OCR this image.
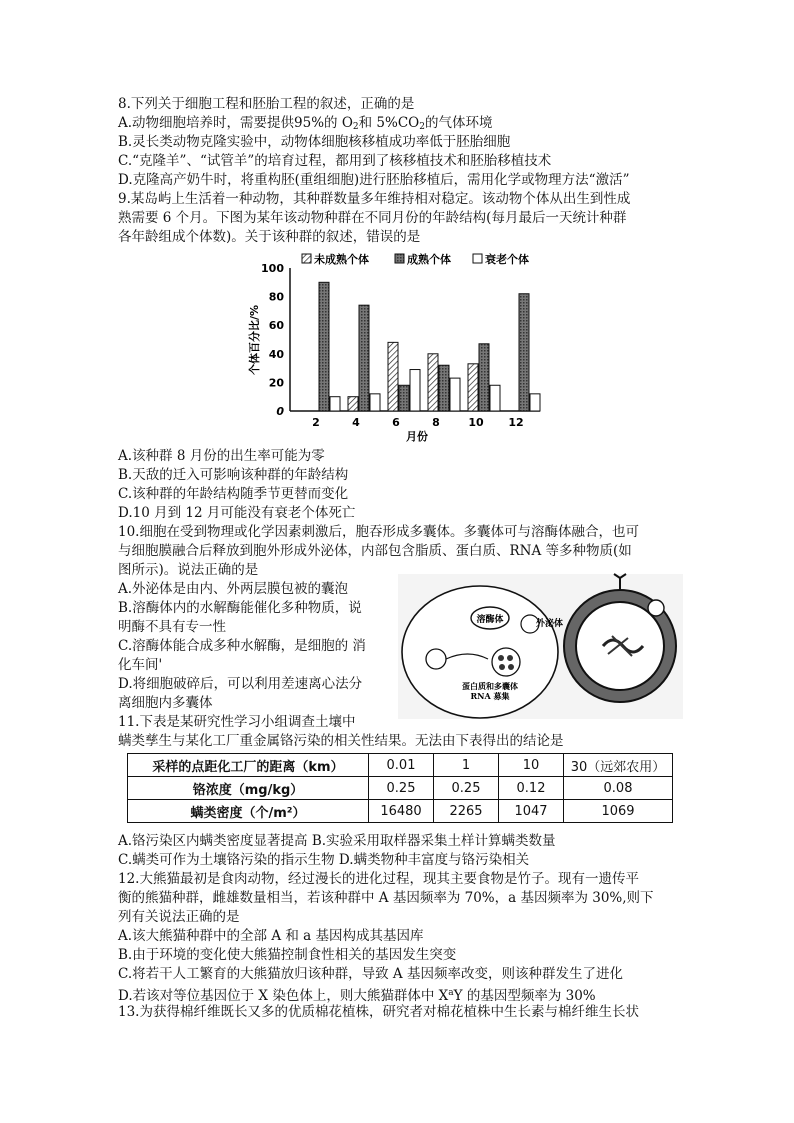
8.下列关于细胞工程和胚胎工程的叙述，正确的是
A.动物细胞培养时，需要提供95%的 $O_2$和 $5\%CO_2$的气体环境
B.灵长类动物克隆实验中，动物体细胞核移植成功率低于胚胎细胞
C.“克隆羊”、“试管羊”的培育过程，都用到了核移植技术和胚胎移植技术
D.克隆高产奶牛时，将重构胚(重组细胞)进行胚胎移植后，需用化学或物理方法“激活”
9.某岛屿上生活着一种动物，其种群数量多年维持相对稳定。该动物个体从出生到性成
熟需要 6 个月。下图为某年该动物种群在不同月份的年龄结构(每月最后一天统计种群
各年龄组成个体数)。关于该种群的叙述，错误的是
未成熟个体	成熟个体	衰老个体
个体百分比/%
0
20
40
60
80
100
2	4	6	8	10 12
月份
A.该种群 8 月份的出生率可能为零
B.天敌的迁入可影响该种群的年龄结构
C.该种群的年龄结构随季节更替而变化
D.10 月到 12 月可能没有衰老个体死亡
10.细胞在受到物理或化学因素刺激后，胞吞形成多囊体。多囊体可与溶酶体融合，也可
与细胞膜融合后释放到胞外形成外泌体，内部包含脂质、蛋白质、RNA 等多种物质(如
图所示)。说法正确的是
A.外泌体是由内、外两层膜包被的囊泡
B.溶酶体内的水解酶能催化多种物质，说
明酶不具有专一性
C.溶酶体能合成多种水解酶，是细胞的 消
化车间'
D.将细胞破碎后，可以利用差速离心法分
离细胞内多囊体
溶酶体	外泌体
蛋白质和多囊体
RNA 募集
11.下表是某研究性学习小组调查土壤中
螨类孳生与某化工厂重金属铬污染的相关性结果。无法由下表得出的结论是
采样的点距化工厂的距离（km）	0.01	1	10	30（远郊农用）
铬浓度（mg/kg）	0.25	0.25	0.12	0.08
螨类密度（个/m²）	16480	2265	1047	1069
A.铬污染区内螨类密度显著提高 B.实验采用取样器采集土样计算螨类数量
C.螨类可作为土壤铬污染的指示生物 D.螨类物种丰富度与铬污染相关
12.大熊猫最初是食肉动物，经过漫长的进化过程，现其主要食物是竹子。现有一遗传平
衡的熊猫种群，雌雄数量相当，若该种群中 A 基因频率为 70%，a 基因频率为 30%,则下
列有关说法正确的是
A.该大熊猫种群中的全部 A 和 a 基因构成其基因库
B.由于环境的变化使大熊猫控制食性相关的基因发生突变
C.将若干人工繁育的大熊猫放归该种群，导致 A 基因频率改变，则该种群发生了进化
D.若该对等位基因位于 X 染色体上，则大熊猫群体中 $X^aY$ 的基因型频率为 30%
13.为获得棉纤维既长又多的优质棉花植株，研究者对棉花植株中生长素与棉纤维生长状
